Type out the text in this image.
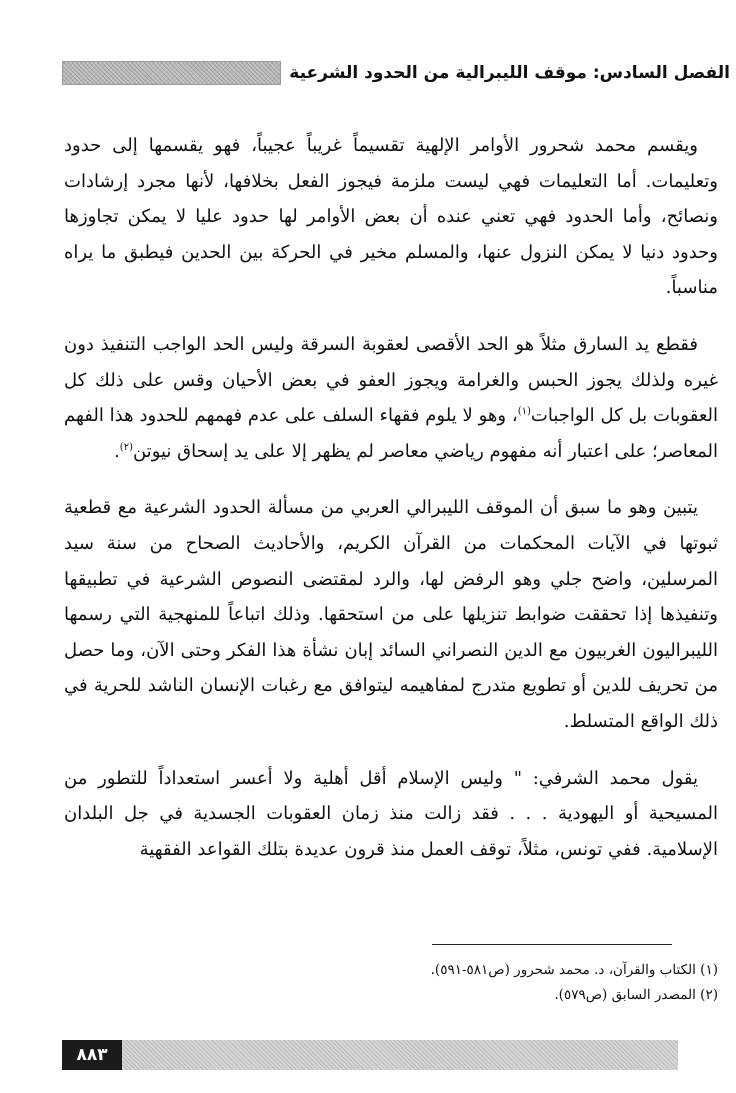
الفصل السادس: موقف الليبرالية من الحدود الشرعية

ويقسم محمد شحرور الأوامر الإلهية تقسيماً غريباً عجيباً، فهو يقسمها إلى حدود وتعليمات. أما التعليمات فهي ليست ملزمة فيجوز الفعل بخلافها، لأنها مجرد إرشادات ونصائح، وأما الحدود فهي تعني عنده أن بعض الأوامر لها حدود عليا لا يمكن تجاوزها وحدود دنيا لا يمكن النزول عنها، والمسلم مخير في الحركة بين الحدين فيطبق ما يراه مناسباً.

فقطع يد السارق مثلاً هو الحد الأقصى لعقوبة السرقة وليس الحد الواجب التنفيذ دون غيره ولذلك يجوز الحبس والغرامة ويجوز العفو في بعض الأحيان وقس على ذلك كل العقوبات بل كل الواجبات$^{(١)}$، وهو لا يلوم فقهاء السلف على عدم فهمهم للحدود هذا الفهم المعاصر؛ على اعتبار أنه مفهوم رياضي معاصر لم يظهر إلا على يد إسحاق نيوتن$^{(٢)}$.

يتبين وهو ما سبق أن الموقف الليبرالي العربي من مسألة الحدود الشرعية مع قطعية ثبوتها في الآيات المحكمات من القرآن الكريم، والأحاديث الصحاح من سنة سيد المرسلين، واضح جلي وهو الرفض لها، والرد لمقتضى النصوص الشرعية في تطبيقها وتنفيذها إذا تحققت ضوابط تنزيلها على من استحقها. وذلك اتباعاً للمنهجية التي رسمها الليبراليون الغربيون مع الدين النصراني السائد إبان نشأة هذا الفكر وحتى الآن، وما حصل من تحريف للدين أو تطويع متدرج لمفاهيمه ليتوافق مع رغبات الإنسان الناشد للحرية في ذلك الواقع المتسلط.

يقول محمد الشرفي: " وليس الإسلام أقل أهلية ولا أعسر استعداداً للتطور من المسيحية أو اليهودية . . . فقد زالت منذ زمان العقوبات الجسدية في جل البلدان الإسلامية. ففي تونس، مثلاً، توقف العمل منذ قرون عديدة بتلك القواعد الفقهية

(١) الكتاب والقرآن، د. محمد شحرور (ص٥٨١-٥٩١).
(٢) المصدر السابق (ص٥٧٩).
٨٨٣
